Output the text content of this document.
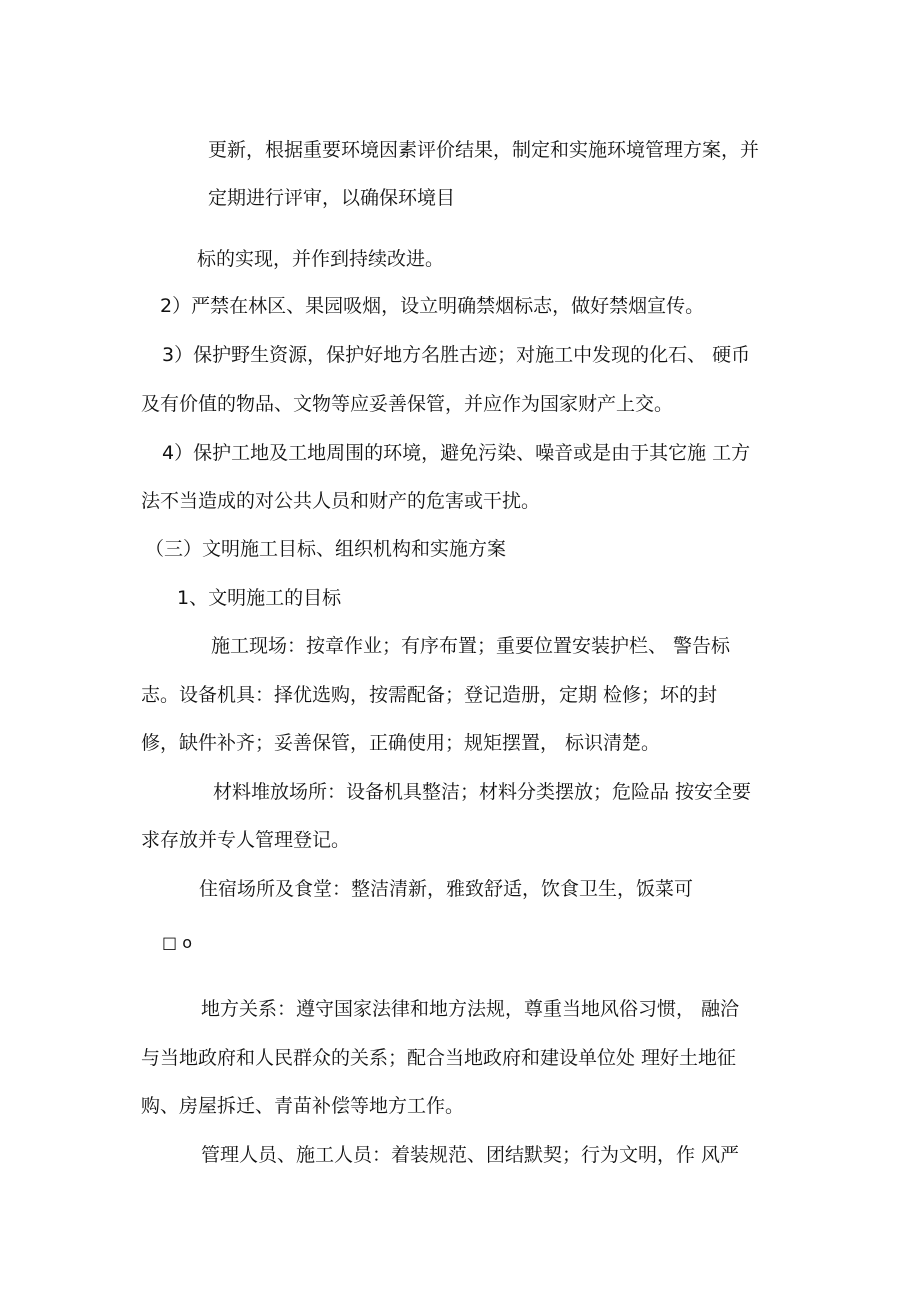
更新，根据重要环境因素评价结果，制定和实施环境管理方案，并

定期进行评审，以确保环境目

标的实现，并作到持续改进。

2）严禁在林区、果园吸烟，设立明确禁烟标志，做好禁烟宣传。

3）保护野生资源，保护好地方名胜古迹；对施工中发现的化石、 硬币

及有价值的物品、文物等应妥善保管，并应作为国家财产上交。

4）保护工地及工地周围的环境，避免污染、噪音或是由于其它施 工方

法不当造成的对公共人员和财产的危害或干扰。

（三）文明施工目标、组织机构和实施方案

1、文明施工的目标

施工现场：按章作业；有序布置；重要位置安装护栏、 警告标

志。设备机具：择优选购，按需配备；登记造册，定期 检修；坏的封

修，缺件补齐；妥善保管，正确使用；规矩摆置， 标识清楚。

材料堆放场所：设备机具整洁；材料分类摆放；危险品 按安全要

求存放并专人管理登记。

住宿场所及食堂：整洁清新，雅致舒适，饮食卫生，饭菜可

□ o

地方关系：遵守国家法律和地方法规，尊重当地风俗习惯， 融洽

与当地政府和人民群众的关系；配合当地政府和建设单位处 理好土地征

购、房屋拆迁、青苗补偿等地方工作。

管理人员、施工人员：着装规范、团结默契；行为文明，作 风严
